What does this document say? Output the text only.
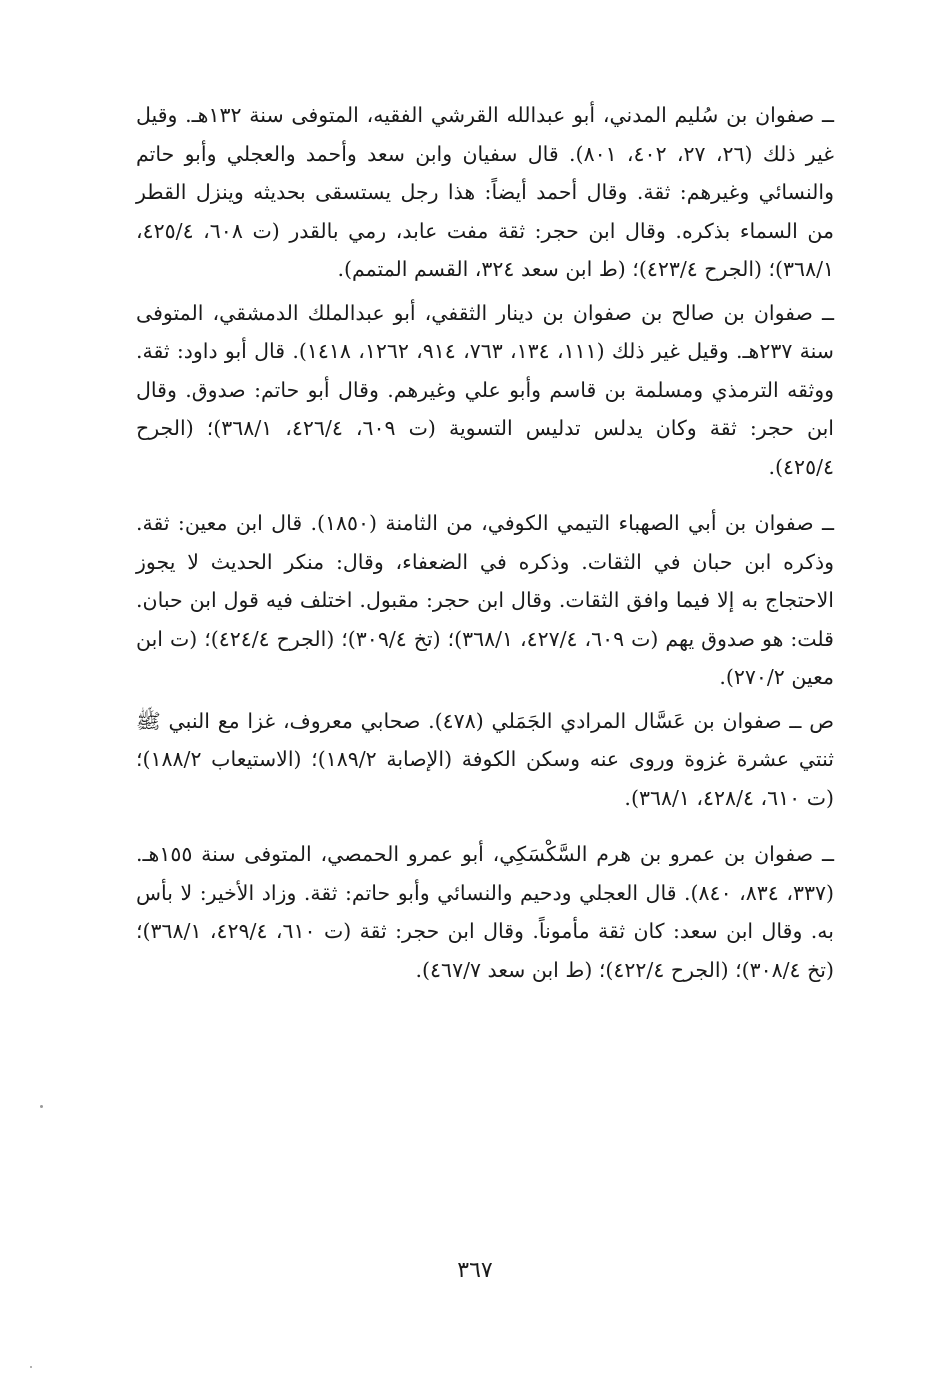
ــ صفوان بن سُليم المدني، أبو عبدالله القرشي الفقيه، المتوفى سنة ١٣٢هـ. وقيل غير ذلك (٢٦، ٢٧، ٤٠٢، ٨٠١). قال سفيان وابن سعد وأحمد والعجلي وأبو حاتم والنسائي وغيرهم: ثقة. وقال أحمد أيضاً: هذا رجل يستسقى بحديثه وينزل القطر من السماء بذكره. وقال ابن حجر: ثقة مفت عابد، رمي بالقدر (ت ٦٠٨، ٤٢٥/٤، ٣٦٨/١)؛ (الجرح ٤٢٣/٤)؛ (ط ابن سعد ٣٢٤، القسم المتمم).

ــ صفوان بن صالح بن صفوان بن دينار الثقفي، أبو عبدالملك الدمشقي، المتوفى سنة ٢٣٧هـ. وقيل غير ذلك (١١١، ١٣٤، ٧٦٣، ٩١٤، ١٢٦٢، ١٤١٨). قال أبو داود: ثقة. ووثقه الترمذي ومسلمة بن قاسم وأبو علي وغيرهم. وقال أبو حاتم: صدوق. وقال ابن حجر: ثقة وكان يدلس تدليس التسوية (ت ٦٠٩، ٤٢٦/٤، ٣٦٨/١)؛ (الجرح ٤٢٥/٤).

ــ صفوان بن أبي الصهباء التيمي الكوفي، من الثامنة (١٨٥٠). قال ابن معين: ثقة. وذكره ابن حبان في الثقات. وذكره في الضعفاء، وقال: منكر الحديث لا يجوز الاحتجاج به إلا فيما وافق الثقات. وقال ابن حجر: مقبول. اختلف فيه قول ابن حبان. قلت: هو صدوق يهم (ت ٦٠٩، ٤٢٧/٤، ٣٦٨/١)؛ (تخ ٣٠٩/٤)؛ (الجرح ٤٢٤/٤)؛ (ت ابن معين ٢٧٠/٢).

ص ــ صفوان بن عَسَّال المرادي الجَمَلي (٤٧٨). صحابي معروف، غزا مع النبي ﷺ ثنتي عشرة غزوة وروى عنه وسكن الكوفة (الإصابة ١٨٩/٢)؛ (الاستيعاب ١٨٨/٢)؛ (ت ٦١٠، ٤٢٨/٤، ٣٦٨/١).

ــ صفوان بن عمرو بن هرم السَّكْسَكِي، أبو عمرو الحمصي، المتوفى سنة ١٥٥هـ. (٣٣٧، ٨٣٤، ٨٤٠). قال العجلي ودحيم والنسائي وأبو حاتم: ثقة. وزاد الأخير: لا بأس به. وقال ابن سعد: كان ثقة مأموناً. وقال ابن حجر: ثقة (ت ٦١٠، ٤٢٩/٤، ٣٦٨/١)؛ (تخ ٣٠٨/٤)؛ (الجرح ٤٢٢/٤)؛ (ط ابن سعد ٤٦٧/٧).

٣٦٧
